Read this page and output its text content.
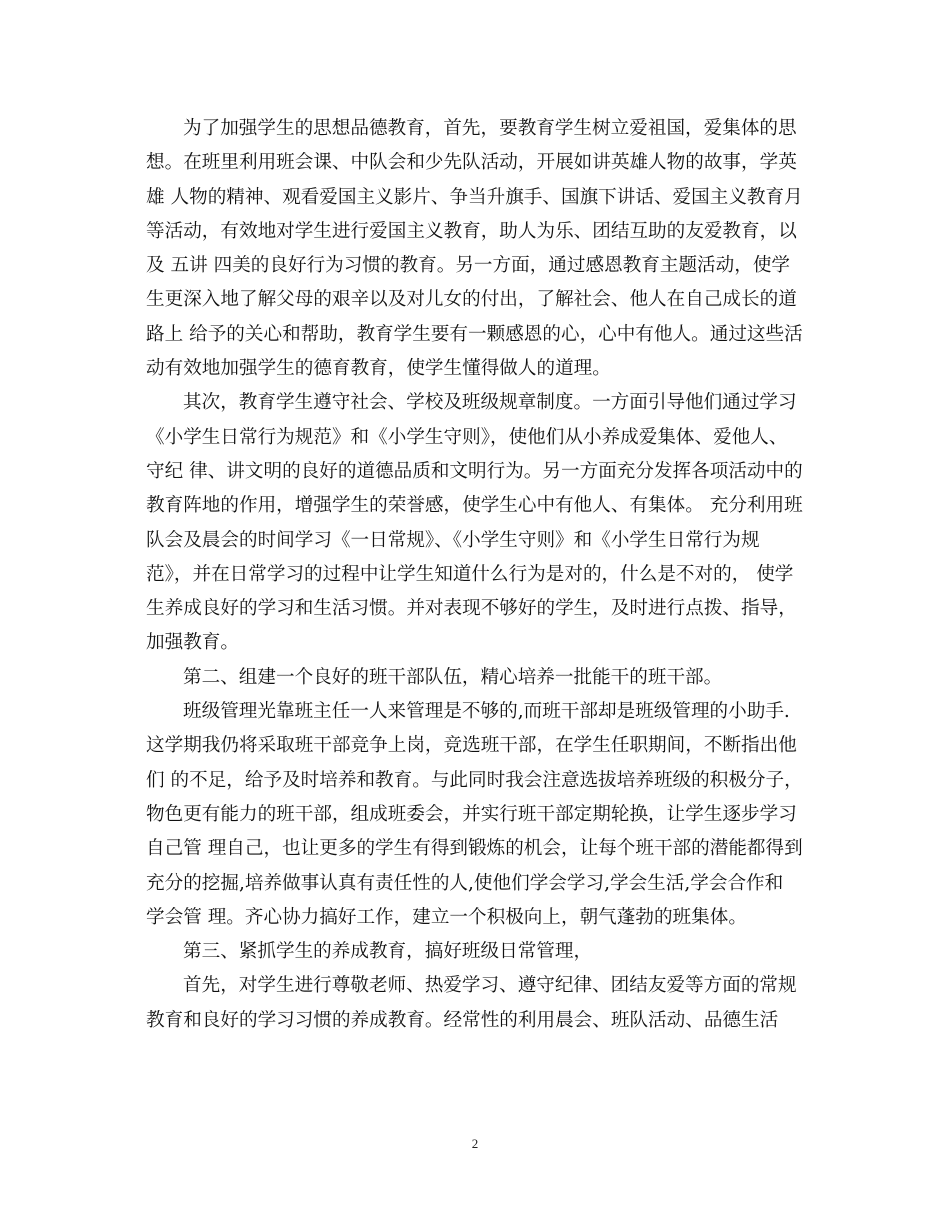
为了加强学生的思想品德教育，首先，要教育学生树立爱祖国，爱集体的思
想。在班里利用班会课、中队会和少先队活动，开展如讲英雄人物的故事，学英
雄 人物的精神、观看爱国主义影片、争当升旗手、国旗下讲话、爱国主义教育月
等活动，有效地对学生进行爱国主义教育，助人为乐、团结互助的友爱教育，以
及 五讲 四美的良好行为习惯的教育。另一方面，通过感恩教育主题活动，使学
生更深入地了解父母的艰辛以及对儿女的付出，了解社会、他人在自己成长的道
路上 给予的关心和帮助，教育学生要有一颗感恩的心，心中有他人。通过这些活
动有效地加强学生的德育教育，使学生懂得做人的道理。

其次，教育学生遵守社会、学校及班级规章制度。一方面引导他们通过学习
《小学生日常行为规范》和《小学生守则》，使他们从小养成爱集体、爱他人、
守纪 律、讲文明的良好的道德品质和文明行为。另一方面充分发挥各项活动中的
教育阵地的作用，增强学生的荣誉感，使学生心中有他人、有集体。 充分利用班
队会及晨会的时间学习《一日常规》、《小学生守则》和《小学生日常行为规
范》，并在日常学习的过程中让学生知道什么行为是对的，什么是不对的， 使学
生养成良好的学习和生活习惯。并对表现不够好的学生，及时进行点拨、指导，
加强教育。

第二、组建一个良好的班干部队伍，精心培养一批能干的班干部。

班级管理光靠班主任一人来管理是不够的,而班干部却是班级管理的小助手.
这学期我仍将采取班干部竞争上岗，竞选班干部，在学生任职期间，不断指出他
们 的不足，给予及时培养和教育。与此同时我会注意选拔培养班级的积极分子，
物色更有能力的班干部，组成班委会，并实行班干部定期轮换，让学生逐步学习
自己管 理自己，也让更多的学生有得到锻炼的机会，让每个班干部的潜能都得到
充分的挖掘,培养做事认真有责任性的人,使他们学会学习,学会生活,学会合作和
学会管 理。齐心协力搞好工作，建立一个积极向上，朝气蓬勃的班集体。

第三、紧抓学生的养成教育，搞好班级日常管理，

首先，对学生进行尊敬老师、热爱学习、遵守纪律、团结友爱等方面的常规
教育和良好的学习习惯的养成教育。经常性的利用晨会、班队活动、品德生活

2
